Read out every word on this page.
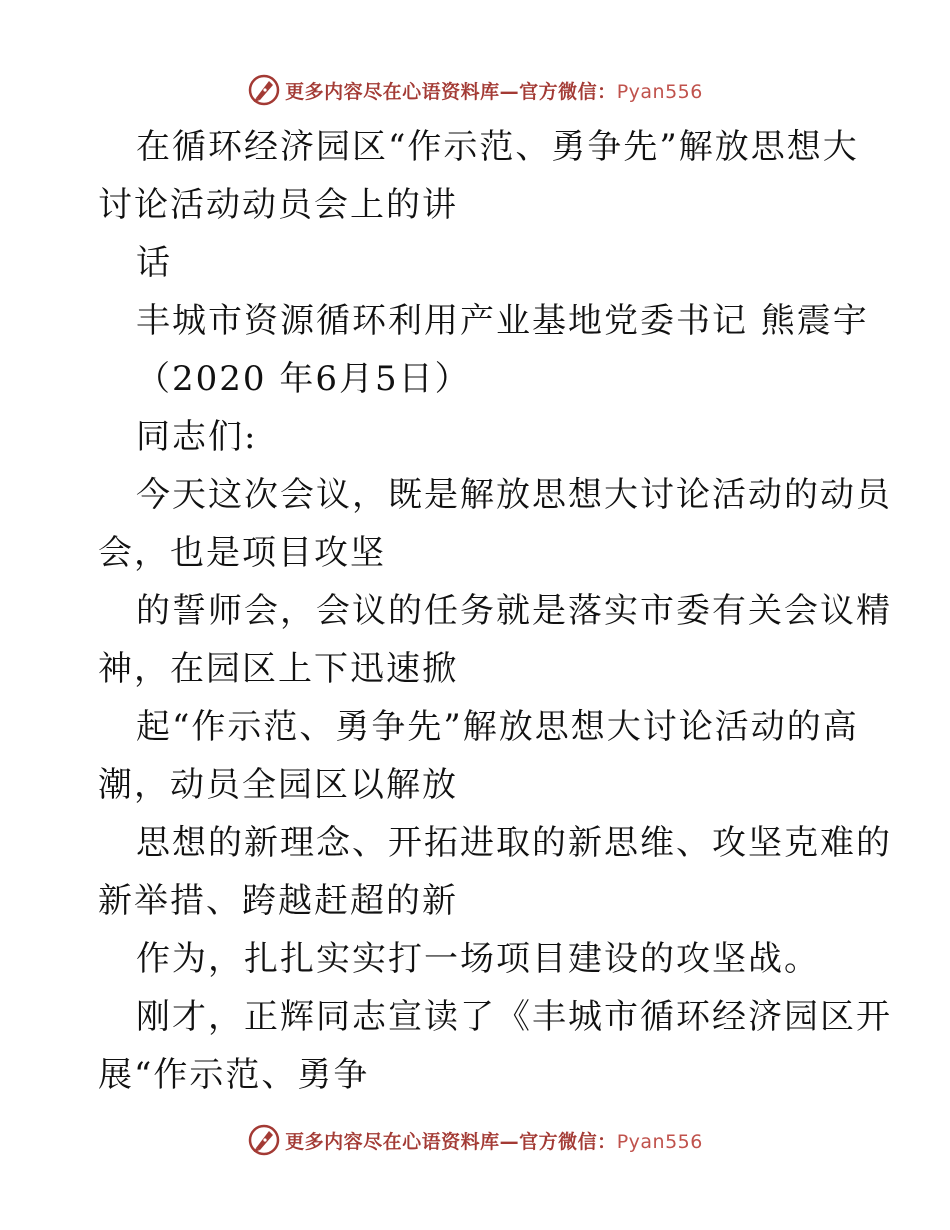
更多内容尽在心语资料库—官方微信：Pyan556
在循环经济园区“作示范、勇争先”解放思想大
讨论活动动员会上的讲
话
丰城市资源循环利用产业基地党委书记 熊震宇
（2020 年6月5日）
同志们:
今天这次会议，既是解放思想大讨论活动的动员
会，也是项目攻坚
的誓师会，会议的任务就是落实市委有关会议精
神，在园区上下迅速掀
起“作示范、勇争先”解放思想大讨论活动的高
潮，动员全园区以解放
思想的新理念、开拓进取的新思维、攻坚克难的
新举措、跨越赶超的新
作为，扎扎实实打一场项目建设的攻坚战。
刚才，正辉同志宣读了《丰城市循环经济园区开
展“作示范、勇争
更多内容尽在心语资料库—官方微信：Pyan556
